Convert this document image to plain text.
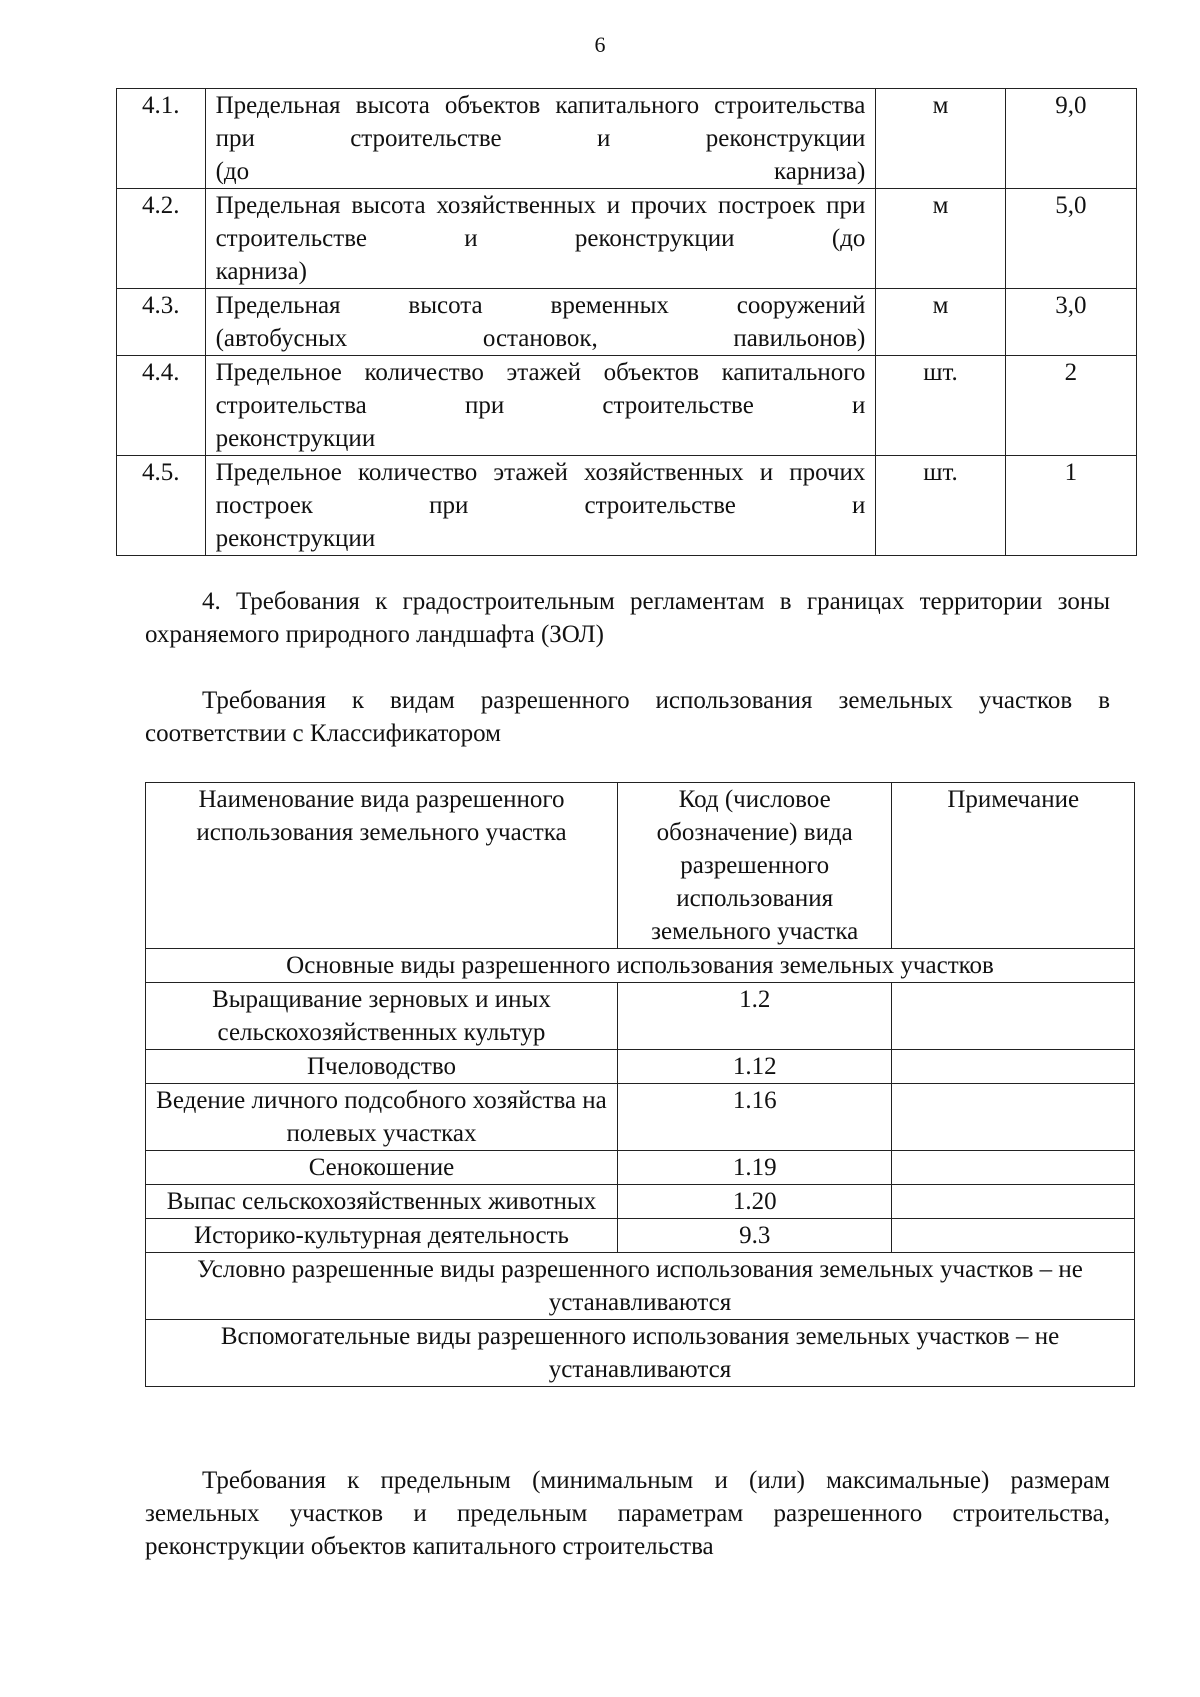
6
4.1.	Предельная высота объектов капитального строительства при строительстве и реконструкции
(до карниза)	м	9,0
4.2.	Предельная высота хозяйственных и прочих построек при строительстве и реконструкции (до
карниза)	м	5,0
4.3.	Предельная высота временных сооружений
(автобусных остановок, павильонов)	м	3,0
4.4.	Предельное количество этажей объектов капитального строительства при строительстве и
реконструкции	шт.	2
4.5.	Предельное количество этажей хозяйственных и прочих построек при строительстве и
реконструкции	шт.	1
4. Требования к градостроительным регламентам в границах территории зоны охраняемого природного ландшафта (ЗОЛ)
Требования к видам разрешенного использования земельных участков в соответствии с Классификатором
Наименование вида разрешенного использования земельного участка	Код (числовое обозначение) вида разрешенного использования земельного участка	Примечание
Основные виды разрешенного использования земельных участков		
Выращивание зерновых и иных сельскохозяйственных культур	1.2	
Пчеловодство	1.12	
Ведение личного подсобного хозяйства на полевых участках	1.16	
Сенокошение	1.19	
Выпас сельскохозяйственных животных	1.20	
Историко-культурная деятельность	9.3	
Условно разрешенные виды разрешенного использования земельных участков – не устанавливаются		
Вспомогательные виды разрешенного использования земельных участков – не устанавливаются		
Требования к предельным (минимальным и (или) максимальные) размерам земельных участков и предельным параметрам разрешенного строительства, реконструкции объектов капитального строительства
